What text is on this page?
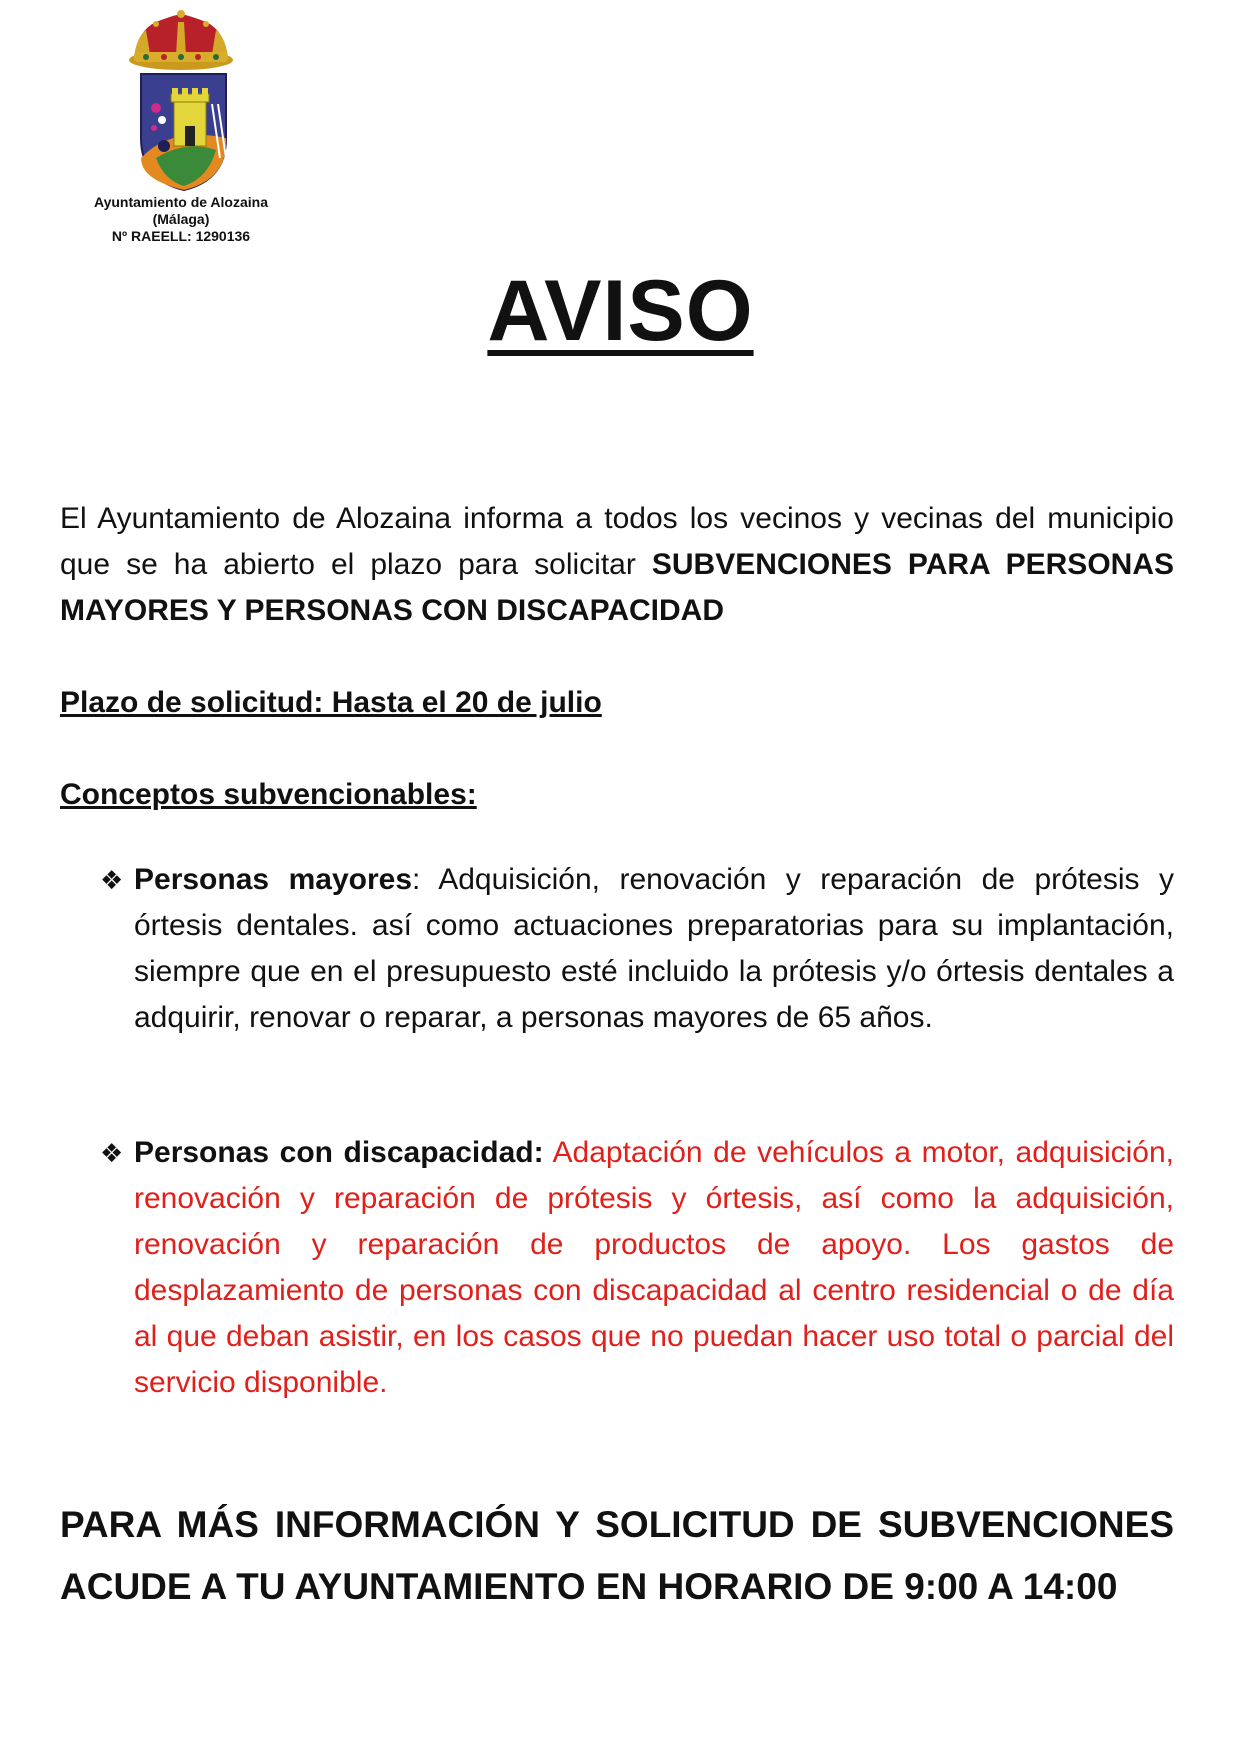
Ayuntamiento de Alozaina
(Málaga)
Nº RAEELL: 1290136
AVISO
El Ayuntamiento de Alozaina informa a todos los vecinos y vecinas del municipio que se ha abierto el plazo para solicitar SUBVENCIONES PARA PERSONAS MAYORES Y PERSONAS CON DISCAPACIDAD
Plazo de solicitud: Hasta el 20 de julio
Conceptos subvencionables:
❖ Personas mayores: Adquisición, renovación y reparación de prótesis y órtesis dentales. así como actuaciones preparatorias para su implantación, siempre que en el presupuesto esté incluido la prótesis y/o órtesis dentales a adquirir, renovar o reparar, a personas mayores de 65 años.
❖ Personas con discapacidad: Adaptación de vehículos a motor, adquisición, renovación y reparación de prótesis y órtesis, así como la adquisición, renovación y reparación de productos de apoyo. Los gastos de desplazamiento de personas con discapacidad al centro residencial o de día al que deban asistir, en los casos que no puedan hacer uso total o parcial del servicio disponible.
PARA MÁS INFORMACIÓN Y SOLICITUD DE SUBVENCIONES ACUDE A TU AYUNTAMIENTO EN HORARIO DE 9:00 A 14:00
